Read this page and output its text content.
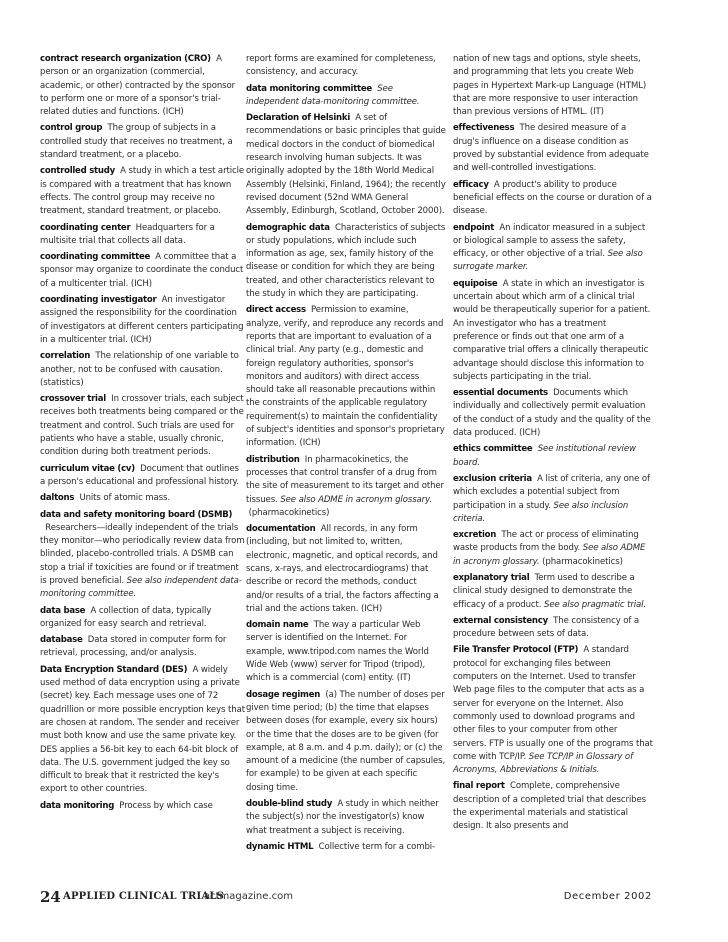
contract research organization (CRO) A person or an organization (commercial, academic, or other) contracted by the sponsor to perform one or more of a sponsor's trial-related duties and functions. (ICH)

control group The group of subjects in a controlled study that receives no treatment, a standard treatment, or a placebo.

controlled study A study in which a test article is compared with a treatment that has known effects. The control group may receive no treatment, standard treatment, or placebo.

coordinating center Headquarters for a multisite trial that collects all data.

coordinating committee A committee that a sponsor may organize to coordinate the conduct of a multicenter trial. (ICH)

coordinating investigator An investigator assigned the responsibility for the coordination of investigators at different centers participating in a multicenter trial. (ICH)

correlation The relationship of one variable to another, not to be confused with causation. (statistics)

crossover trial In crossover trials, each subject receives both treatments being compared or the treatment and control. Such trials are used for patients who have a stable, usually chronic, condition during both treatment periods.

curriculum vitae (cv) Document that outlines a person's educational and professional history.

daltons Units of atomic mass.

data and safety monitoring board (DSMB)  Researchers—ideally independent of the trials they monitor—who periodically review data from blinded, placebo-controlled trials. A DSMB can stop a trial if toxicities are found or if treatment is proved beneficial. See also independent data-monitoring committee.

data base A collection of data, typically organized for easy search and retrieval.

database Data stored in computer form for retrieval, processing, and/or analysis.

Data Encryption Standard (DES) A widely used method of data encryption using a private (secret) key. Each message uses one of 72 quadrillion or more possible encryption keys that are chosen at random. The sender and receiver must both know and use the same private key. DES applies a 56-bit key to each 64-bit block of data. The U.S. government judged the key so difficult to break that it restricted the key's export to other countries.

data monitoring Process by which case

report forms are examined for completeness, consistency, and accuracy.

data monitoring committee See independent data-monitoring committee.

Declaration of Helsinki A set of recommendations or basic principles that guide medical doctors in the conduct of biomedical research involving human subjects. It was originally adopted by the 18th World Medical Assembly (Helsinki, Finland, 1964); the recently revised document (52nd WMA General Assembly, Edinburgh, Scotland, October 2000).

demographic data Characteristics of subjects or study populations, which include such information as age, sex, family history of the disease or condition for which they are being treated, and other characteristics relevant to the study in which they are participating.

direct access Permission to examine, analyze, verify, and reproduce any records and reports that are important to evaluation of a clinical trial. Any party (e.g., domestic and foreign regulatory authorities, sponsor's monitors and auditors) with direct access should take all reasonable precautions within the constraints of the applicable regulatory requirement(s) to maintain the confidentiality of subject's identities and sponsor's proprietary information. (ICH)

distribution In pharmacokinetics, the processes that control transfer of a drug from the site of measurement to its target and other tissues. See also ADME in acronym glossary. (pharmacokinetics)

documentation All records, in any form (including, but not limited to, written, electronic, magnetic, and optical records, and scans, x-rays, and electrocardiograms) that describe or record the methods, conduct and/or results of a trial, the factors affecting a trial and the actions taken. (ICH)

domain name The way a particular Web server is identified on the Internet. For example, www.tripod.com names the World Wide Web (www) server for Tripod (tripod), which is a commercial (com) entity. (IT)

dosage regimen (a) The number of doses per given time period; (b) the time that elapses between doses (for example, every six hours) or the time that the doses are to be given (for example, at 8 a.m. and 4 p.m. daily); or (c) the amount of a medicine (the number of capsules, for example) to be given at each specific dosing time.

double-blind study A study in which neither the subject(s) nor the investigator(s) know what treatment a subject is receiving.

dynamic HTML Collective term for a combi-

nation of new tags and options, style sheets, and programming that lets you create Web pages in Hypertext Mark-up Language (HTML) that are more responsive to user interaction than previous versions of HTML. (IT)

effectiveness The desired measure of a drug's influence on a disease condition as proved by substantial evidence from adequate and well-controlled investigations.

efficacy A product's ability to produce beneficial effects on the course or duration of a disease.

endpoint An indicator measured in a subject or biological sample to assess the safety, efficacy, or other objective of a trial. See also surrogate marker.

equipoise A state in which an investigator is uncertain about which arm of a clinical trial would be therapeutically superior for a patient. An investigator who has a treatment preference or finds out that one arm of a comparative trial offers a clinically therapeutic advantage should disclose this information to subjects participating in the trial.

essential documents Documents which individually and collectively permit evaluation of the conduct of a study and the quality of the data produced. (ICH)

ethics committee See institutional review board.

exclusion criteria A list of criteria, any one of which excludes a potential subject from participation in a study. See also inclusion criteria.

excretion The act or process of eliminating waste products from the body. See also ADME in acronym glossary. (pharmacokinetics)

explanatory trial Term used to describe a clinical study designed to demonstrate the efficacy of a product. See also pragmatic trial.

external consistency The consistency of a procedure between sets of data.

File Transfer Protocol (FTP) A standard protocol for exchanging files between computers on the Internet. Used to transfer Web page files to the computer that acts as a server for everyone on the Internet. Also commonly used to download programs and other files to your computer from other servers. FTP is usually one of the programs that come with TCP/IP. See TCP/IP in Glossary of Acronyms, Abbreviations & Initials.

final report Complete, comprehensive description of a completed trial that describes the experimental materials and statistical design. It also presents and

24 APPLIED CLINICAL TRIALS
actmagazine.com	December 2002
